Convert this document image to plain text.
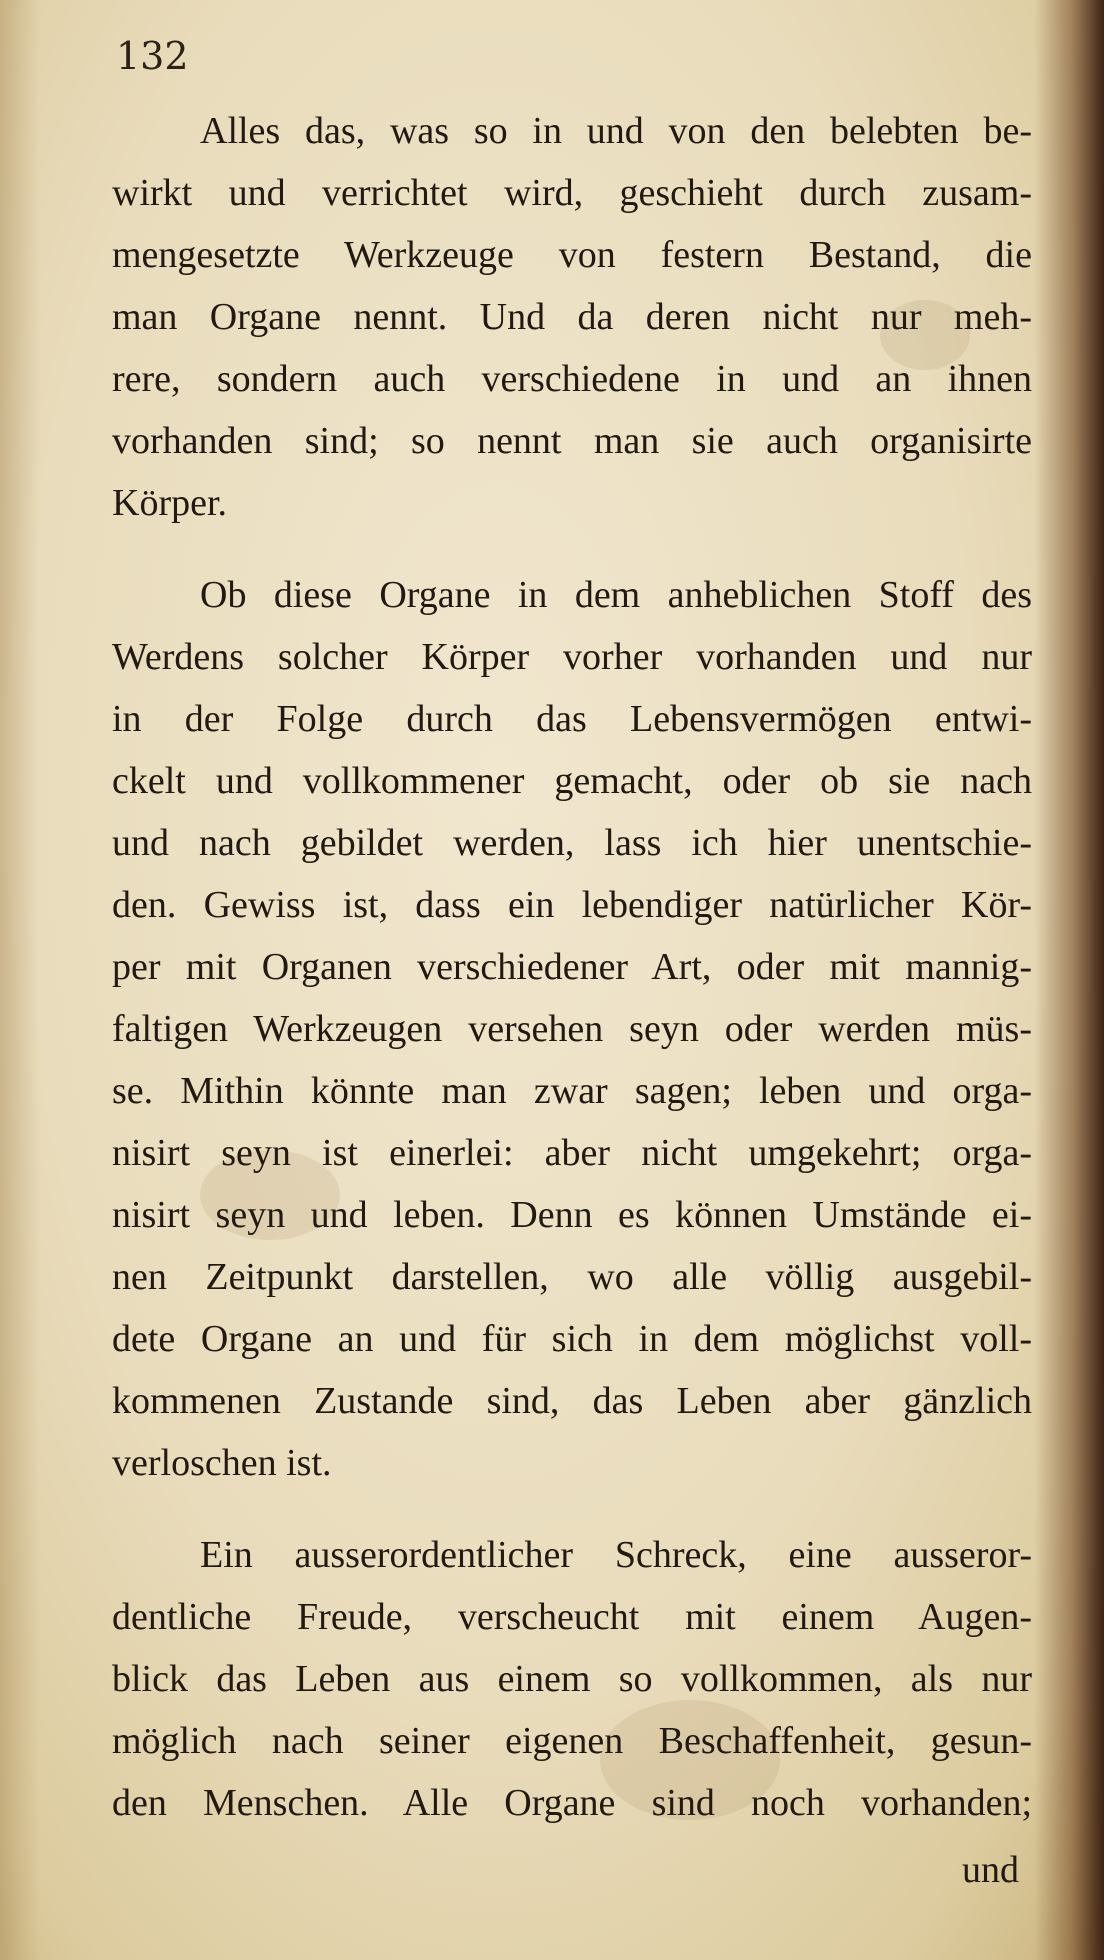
132
Alles das, was so in und von den belebten be-
wirkt und verrichtet wird, geschieht durch zusam-
mengesetzte Werkzeuge von festern Bestand, die
man Organe nennt. Und da deren nicht nur meh-
rere, sondern auch verschiedene in und an ihnen
vorhanden sind; so nennt man sie auch organisirte
Körper.
Ob diese Organe in dem anheblichen Stoff des
Werdens solcher Körper vorher vorhanden und nur
in der Folge durch das Lebensvermögen entwi-
ckelt und vollkommener gemacht, oder ob sie nach
und nach gebildet werden, lass ich hier unentschie-
den. Gewiss ist, dass ein lebendiger natürlicher Kör-
per mit Organen verschiedener Art, oder mit mannig-
faltigen Werkzeugen versehen seyn oder werden müs-
se. Mithin könnte man zwar sagen; leben und orga-
nisirt seyn ist einerlei: aber nicht umgekehrt; orga-
nisirt seyn und leben. Denn es können Umstände ei-
nen Zeitpunkt darstellen, wo alle völlig ausgebil-
dete Organe an und für sich in dem möglichst voll-
kommenen Zustande sind, das Leben aber gänzlich
verloschen ist.
Ein ausserordentlicher Schreck, eine ausseror-
dentliche Freude, verscheucht mit einem Augen-
blick das Leben aus einem so vollkommen, als nur
möglich nach seiner eigenen Beschaffenheit, gesun-
den Menschen. Alle Organe sind noch vorhanden;
und
